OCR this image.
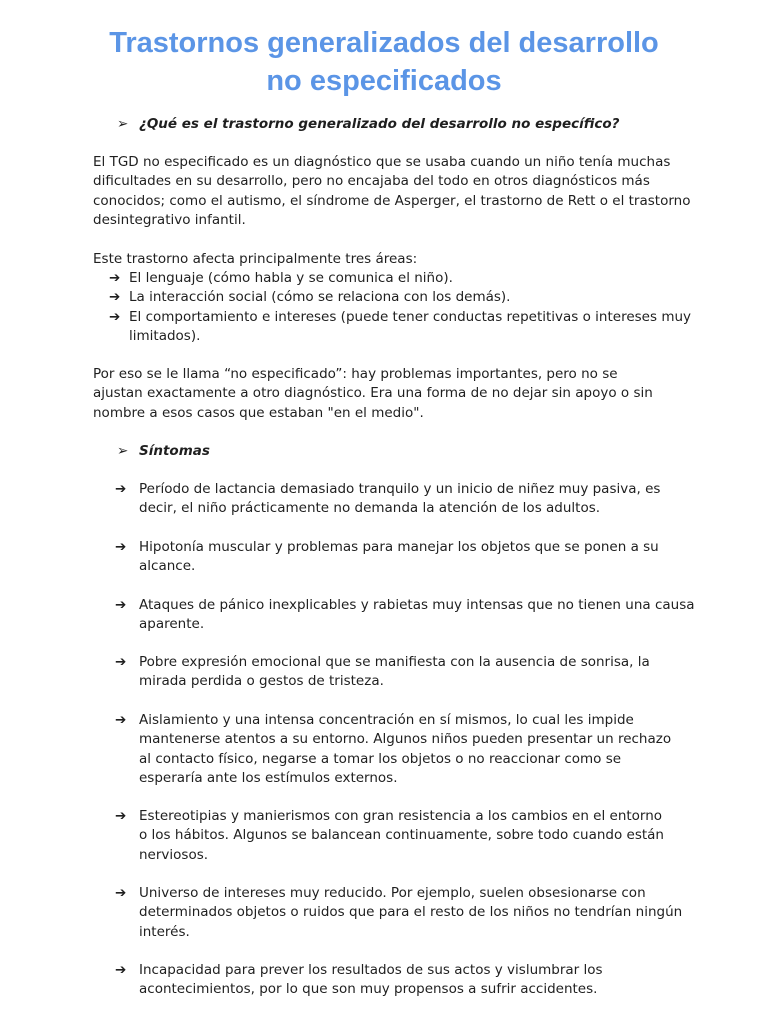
Trastornos generalizados del desarrollo
no especificados
➢ ¿Qué es el trastorno generalizado del desarrollo no específico?
El TGD no especificado es un diagnóstico que se usaba cuando un niño tenía muchas
dificultades en su desarrollo, pero no encajaba del todo en otros diagnósticos más
conocidos; como el autismo, el síndrome de Asperger, el trastorno de Rett o el trastorno
desintegrativo infantil.
Este trastorno afecta principalmente tres áreas:
➔ El lenguaje (cómo habla y se comunica el niño).
➔ La interacción social (cómo se relaciona con los demás).
➔ El comportamiento e intereses (puede tener conductas repetitivas o intereses muy
limitados).
Por eso se le llama “no especificado”: hay problemas importantes, pero no se
ajustan exactamente a otro diagnóstico. Era una forma de no dejar sin apoyo o sin
nombre a esos casos que estaban "en el medio".
➢ Síntomas
➔ Período de lactancia demasiado tranquilo y un inicio de niñez muy pasiva, es
decir, el niño prácticamente no demanda la atención de los adultos.
➔ Hipotonía muscular y problemas para manejar los objetos que se ponen a su
alcance.
➔ Ataques de pánico inexplicables y rabietas muy intensas que no tienen una causa
aparente.
➔ Pobre expresión emocional que se manifiesta con la ausencia de sonrisa, la
mirada perdida o gestos de tristeza.
➔ Aislamiento y una intensa concentración en sí mismos, lo cual les impide
mantenerse atentos a su entorno. Algunos niños pueden presentar un rechazo
al contacto físico, negarse a tomar los objetos o no reaccionar como se
esperaría ante los estímulos externos.
➔ Estereotipias y manierismos con gran resistencia a los cambios en el entorno
o los hábitos. Algunos se balancean continuamente, sobre todo cuando están
nerviosos.
➔ Universo de intereses muy reducido. Por ejemplo, suelen obsesionarse con
determinados objetos o ruidos que para el resto de los niños no tendrían ningún
interés.
➔ Incapacidad para prever los resultados de sus actos y vislumbrar los
acontecimientos, por lo que son muy propensos a sufrir accidentes.
